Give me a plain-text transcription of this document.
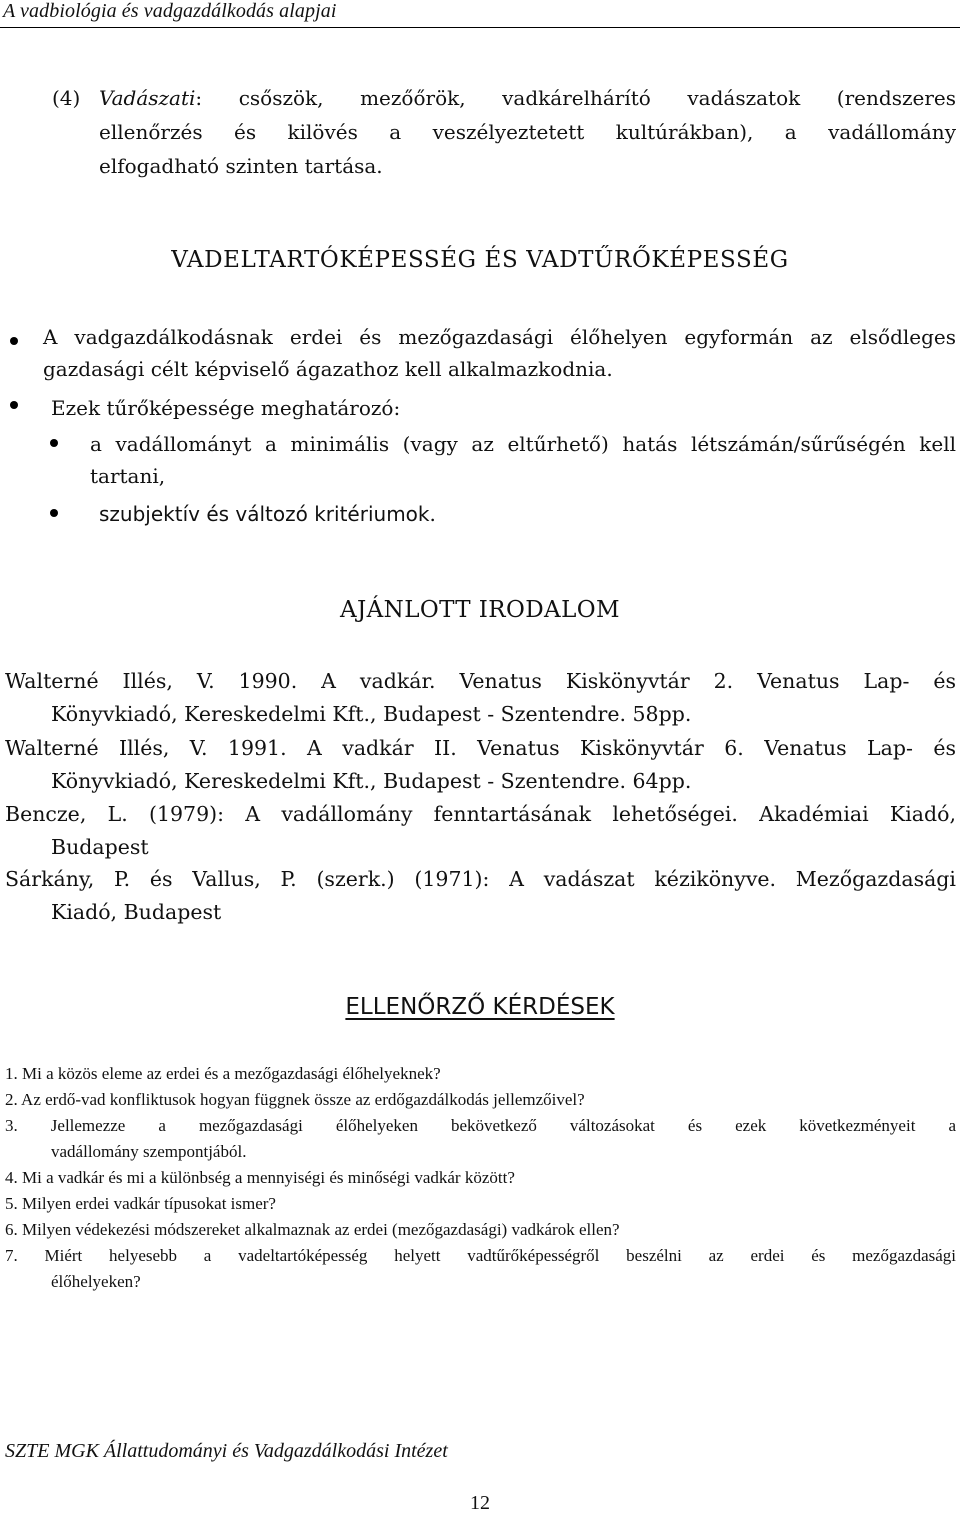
A vadbiológia és vadgazdálkodás alapjai
(4) Vadászati: csőszök, mezőőrök, vadkárelhárító vadászatok (rendszeres
ellenőrzés és kilövés a veszélyeztetett kultúrákban), a vadállomány
elfogadható szinten tartása.
VADELTARTÓKÉPESSÉG ÉS VADTŰRŐKÉPESSÉG
A vadgazdálkodásnak erdei és mezőgazdasági élőhelyen egyformán az elsődleges gazdasági célt képviselő ágazathoz kell alkalmazkodnia.
Ezek tűrőképessége meghatározó:
a vadállományt a minimális (vagy az eltűrhető) hatás létszámán/sűrűségén kell tartani,
szubjektív és változó kritériumok.
AJÁNLOTT IRODALOM
Walterné Illés, V. 1990. A vadkár. Venatus Kiskönyvtár 2. Venatus Lap- és
Könyvkiadó, Kereskedelmi Kft., Budapest - Szentendre. 58pp.
Walterné Illés, V. 1991. A vadkár II. Venatus Kiskönyvtár 6. Venatus Lap- és
Könyvkiadó, Kereskedelmi Kft., Budapest - Szentendre. 64pp.
Bencze, L. (1979): A vadállomány fenntartásának lehetőségei. Akadémiai Kiadó,
Budapest
Sárkány, P. és Vallus, P. (szerk.) (1971): A vadászat kézikönyve. Mezőgazdasági
Kiadó, Budapest
ELLENŐRZŐ KÉRDÉSEK
1. Mi a közös eleme az erdei és a mezőgazdasági élőhelyeknek?
2. Az erdő-vad konfliktusok hogyan függnek össze az erdőgazdálkodás jellemzőivel?
3. Jellemezze a mezőgazdasági élőhelyeken bekövetkező változásokat és ezek következményeit a
vadállomány szempontjából.
4. Mi a vadkár és mi a különbség a mennyiségi és minőségi vadkár között?
5. Milyen erdei vadkár típusokat ismer?
6. Milyen védekezési módszereket alkalmaznak az erdei (mezőgazdasági) vadkárok ellen?
7. Miért helyesebb a vadeltartóképesség helyett vadtűrőképességről beszélni az erdei és mezőgazdasági
élőhelyeken?
SZTE MGK Állattudományi és Vadgazdálkodási Intézet
12
